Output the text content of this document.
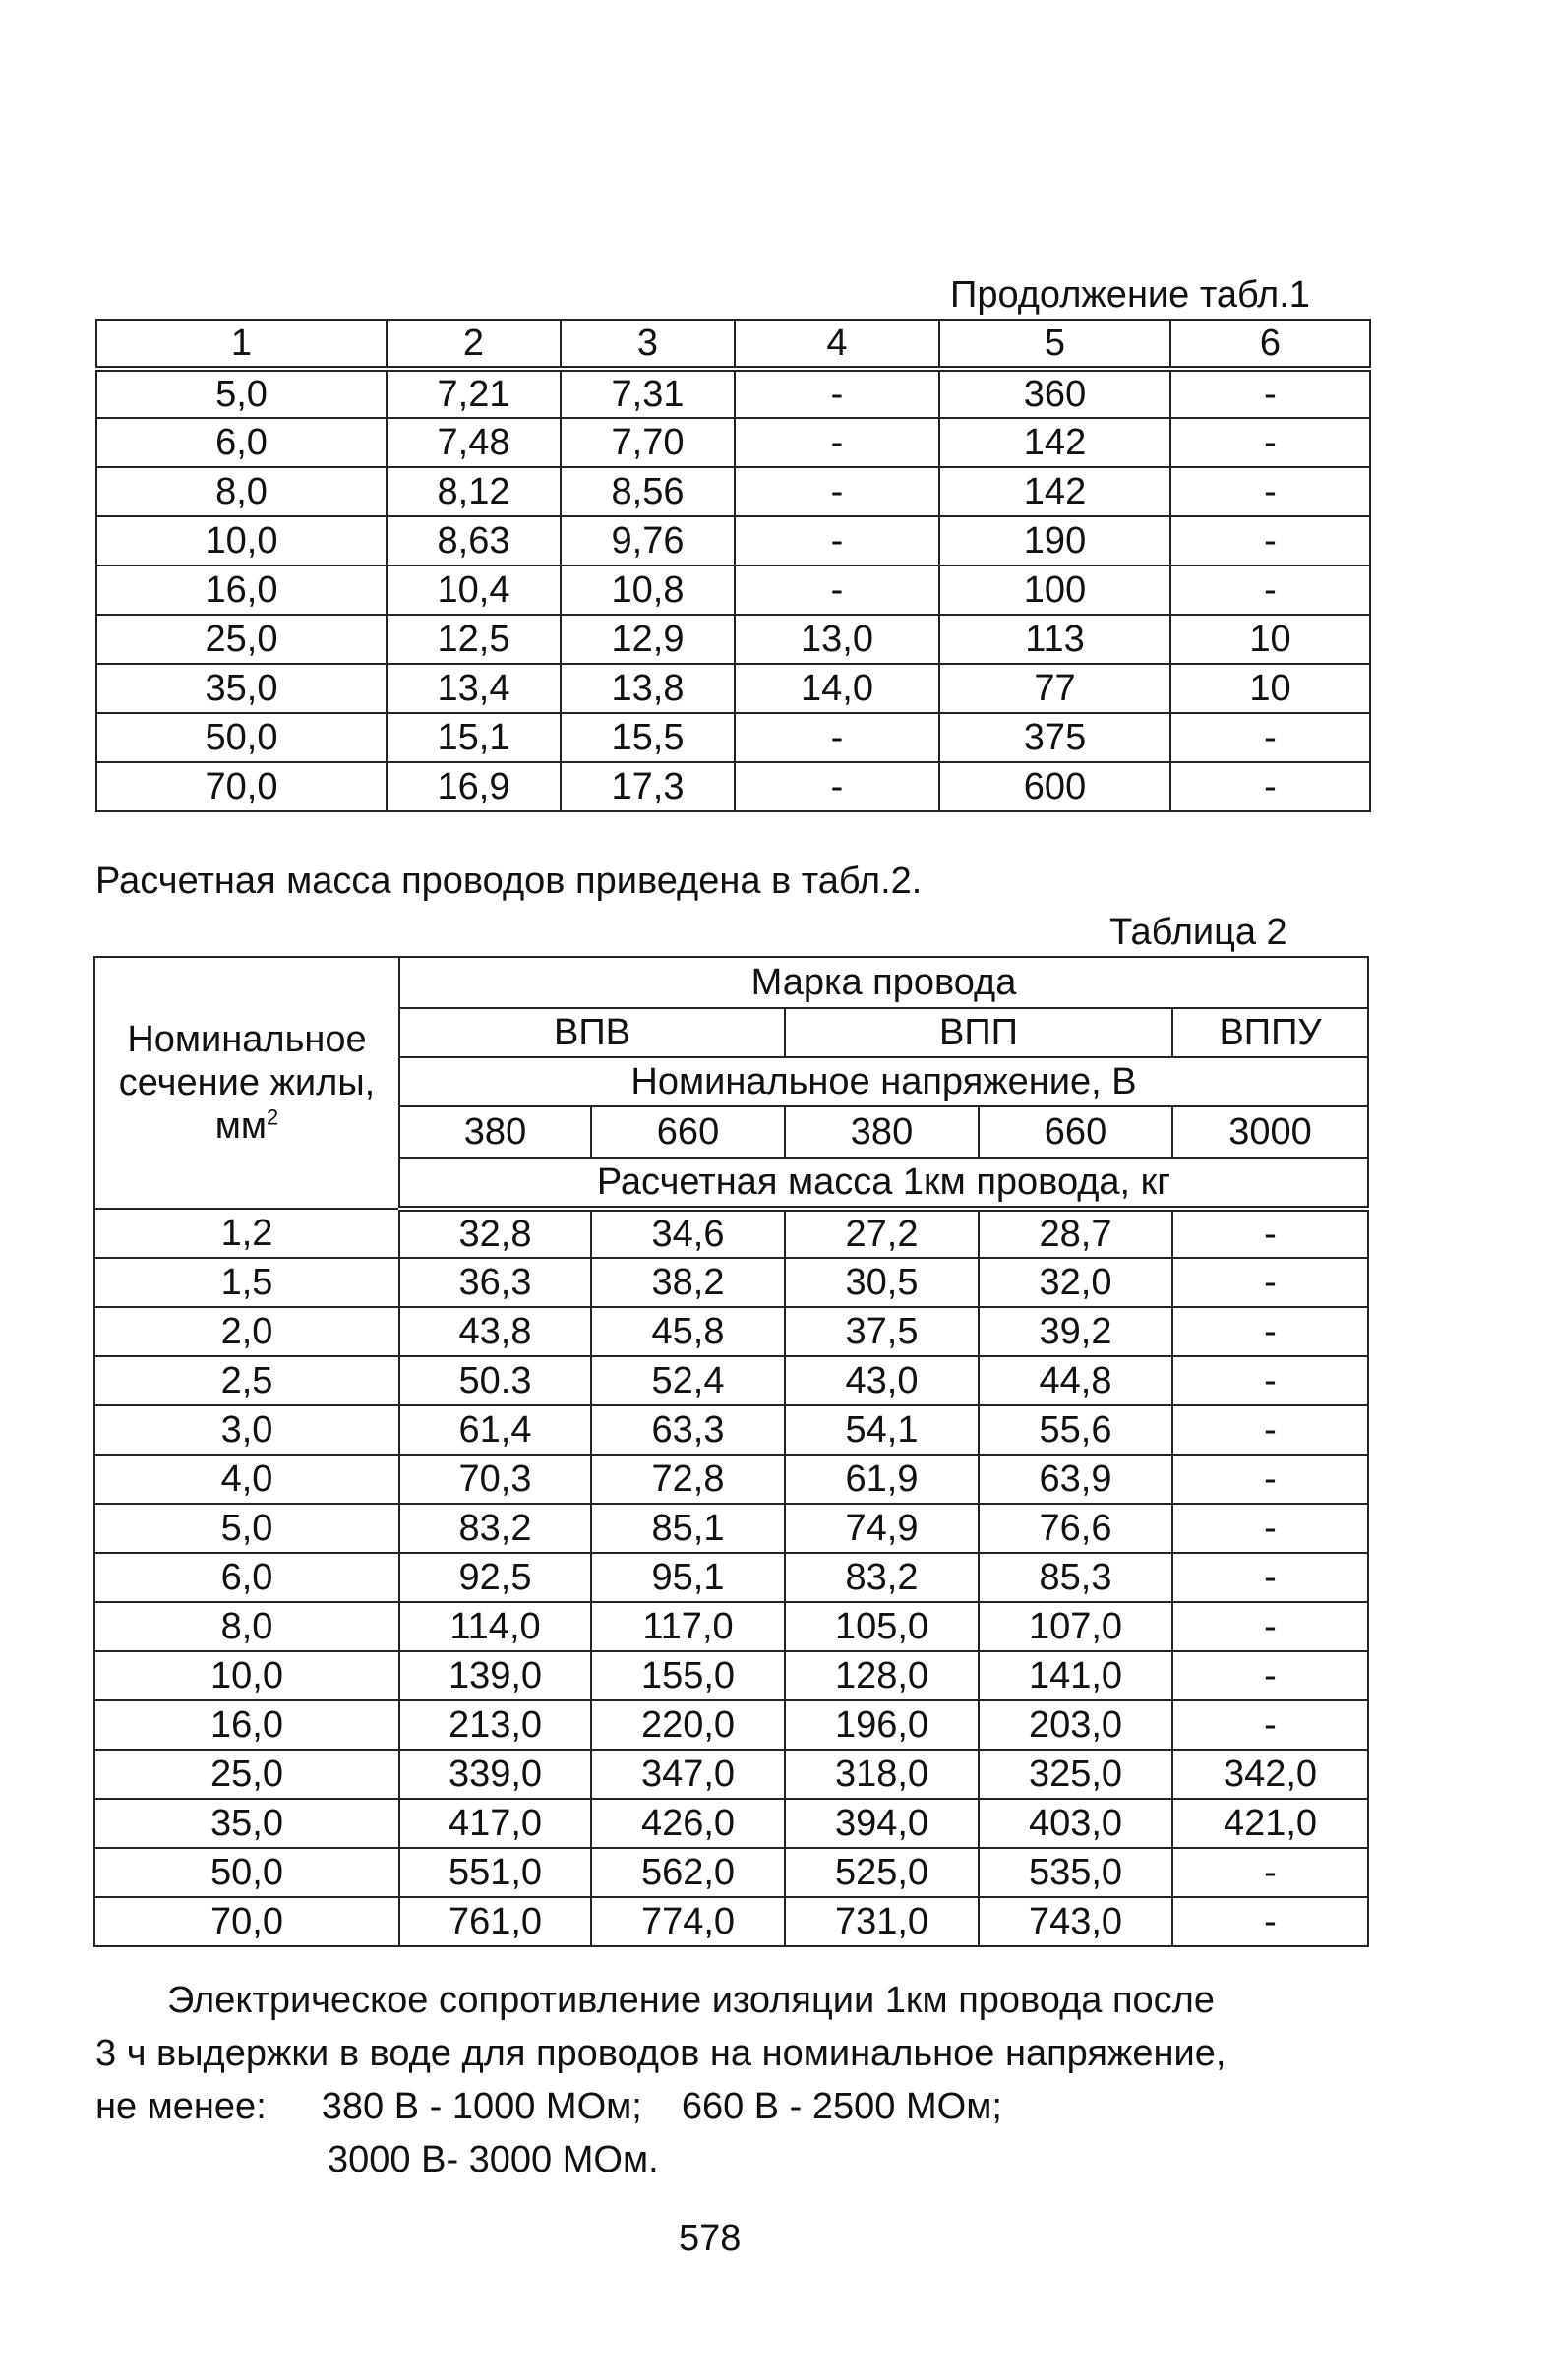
Продолжение табл.1
1	2	3	4	5	6
5,0	7,21	7,31	-	360	-
6,0	7,48	7,70	-	142	-
8,0	8,12	8,56	-	142	-
10,0	8,63	9,76	-	190	-
16,0	10,4	10,8	-	100	-
25,0	12,5	12,9	13,0	113	10
35,0	13,4	13,8	14,0	77	10
50,0	15,1	15,5	-	375	-
70,0	16,9	17,3	-	600	-
Расчетная масса проводов приведена в табл.2.
Таблица 2
Номинальное
сечение жилы,
$мм^2$	Марка провода				
	ВПВ		ВПП		ВППУ
	Номинальное напряжение, В				
	380	660	380	660	3000
	Расчетная масса 1км провода, кг				
1,2	32,8	34,6	27,2	28,7	-
1,5	36,3	38,2	30,5	32,0	-
2,0	43,8	45,8	37,5	39,2	-
2,5	50.3	52,4	43,0	44,8	-
3,0	61,4	63,3	54,1	55,6	-
4,0	70,3	72,8	61,9	63,9	-
5,0	83,2	85,1	74,9	76,6	-
6,0	92,5	95,1	83,2	85,3	-
8,0	114,0	117,0	105,0	107,0	-
10,0	139,0	155,0	128,0	141,0	-
16,0	213,0	220,0	196,0	203,0	-
25,0	339,0	347,0	318,0	325,0	342,0
35,0	417,0	426,0	394,0	403,0	421,0
50,0	551,0	562,0	525,0	535,0	-
70,0	761,0	774,0	731,0	743,0	-
Электрическое сопротивление изоляции 1км провода после
3 ч выдержки в воде для проводов на номинальное напряжение,
не менее: 380 В - 1000 МОм; 660 В - 2500 МОм;
3000 В- 3000 МОм.
578
